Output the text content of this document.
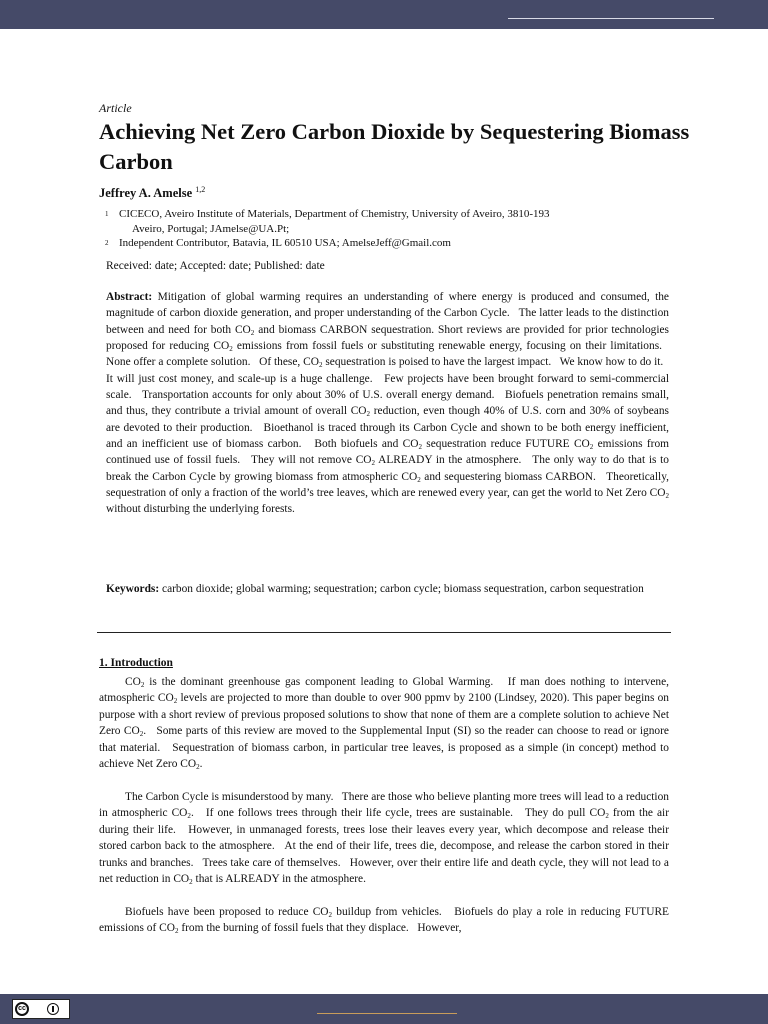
Article
Achieving Net Zero Carbon Dioxide by Sequestering Biomass Carbon
Jeffrey A. Amelse $^{1,2}$
1 CICECO, Aveiro Institute of Materials, Department of Chemistry, University of Aveiro, 3810-193
Aveiro, Portugal; JAmelse@UA.Pt;
2 Independent Contributor, Batavia, IL 60510 USA; AmelseJeff@Gmail.com
Received: date; Accepted: date; Published: date

Abstract: Mitigation of global warming requires an understanding of where energy is produced and consumed, the magnitude of carbon dioxide generation, and proper understanding of the Carbon Cycle.   The latter leads to the distinction between and need for both $CO_2$ and biomass CARBON sequestration. Short reviews are provided for prior technologies proposed for reducing $CO_2$ emissions from fossil fuels or substituting renewable energy, focusing on their limitations.   None offer a complete solution.   Of these, $CO_2$ sequestration is poised to have the largest impact.   We know how to do it.   It will just cost money, and scale-up is a huge challenge.   Few projects have been brought forward to semi-commercial scale.   Transportation accounts for only about 30% of U.S. overall energy demand.   Biofuels penetration remains small, and thus, they contribute a trivial amount of overall $CO_2$ reduction, even though 40% of U.S. corn and 30% of soybeans are devoted to their production.   Bioethanol is traced through its Carbon Cycle and shown to be both energy inefficient, and an inefficient use of biomass carbon.   Both biofuels and $CO_2$ sequestration reduce FUTURE $CO_2$ emissions from continued use of fossil fuels.   They will not remove $CO_2$ ALREADY in the atmosphere.   The only way to do that is to break the Carbon Cycle by growing biomass from atmospheric $CO_2$ and sequestering biomass CARBON.   Theoretically, sequestration of only a fraction of the world’s tree leaves, which are renewed every year, can get the world to Net Zero $CO_2$ without disturbing the underlying forests.

Keywords: carbon dioxide; global warming; sequestration; carbon cycle; biomass sequestration, carbon sequestration

1. Introduction

$CO_2$ is the dominant greenhouse gas component leading to Global Warming.   If man does nothing to intervene, atmospheric $CO_2$ levels are projected to more than double to over 900 ppmv by 2100 (Lindsey, 2020). This paper begins on purpose with a short review of previous proposed solutions to show that none of them are a complete solution to achieve Net Zero $CO_2$.   Some parts of this review are moved to the Supplemental Input (SI) so the reader can choose to read or ignore that material.   Sequestration of biomass carbon, in particular tree leaves, is proposed as a simple (in concept) method to achieve Net Zero $CO_2$.

The Carbon Cycle is misunderstood by many.   There are those who believe planting more trees will lead to a reduction in atmospheric $CO_2$.   If one follows trees through their life cycle, trees are sustainable.   They do pull $CO_2$ from the air during their life.   However, in unmanaged forests, trees lose their leaves every year, which decompose and release their stored carbon back to the atmosphere.   At the end of their life, trees die, decompose, and release the carbon stored in their trunks and branches.   Trees take care of themselves.   However, over their entire life and death cycle, they will not lead to a net reduction in $CO_2$ that is ALREADY in the atmosphere.

Biofuels have been proposed to reduce $CO_2$ buildup from vehicles.   Biofuels do play a role in reducing FUTURE emissions of $CO_2$ from the burning of fossil fuels that they displace.   However,

cc
